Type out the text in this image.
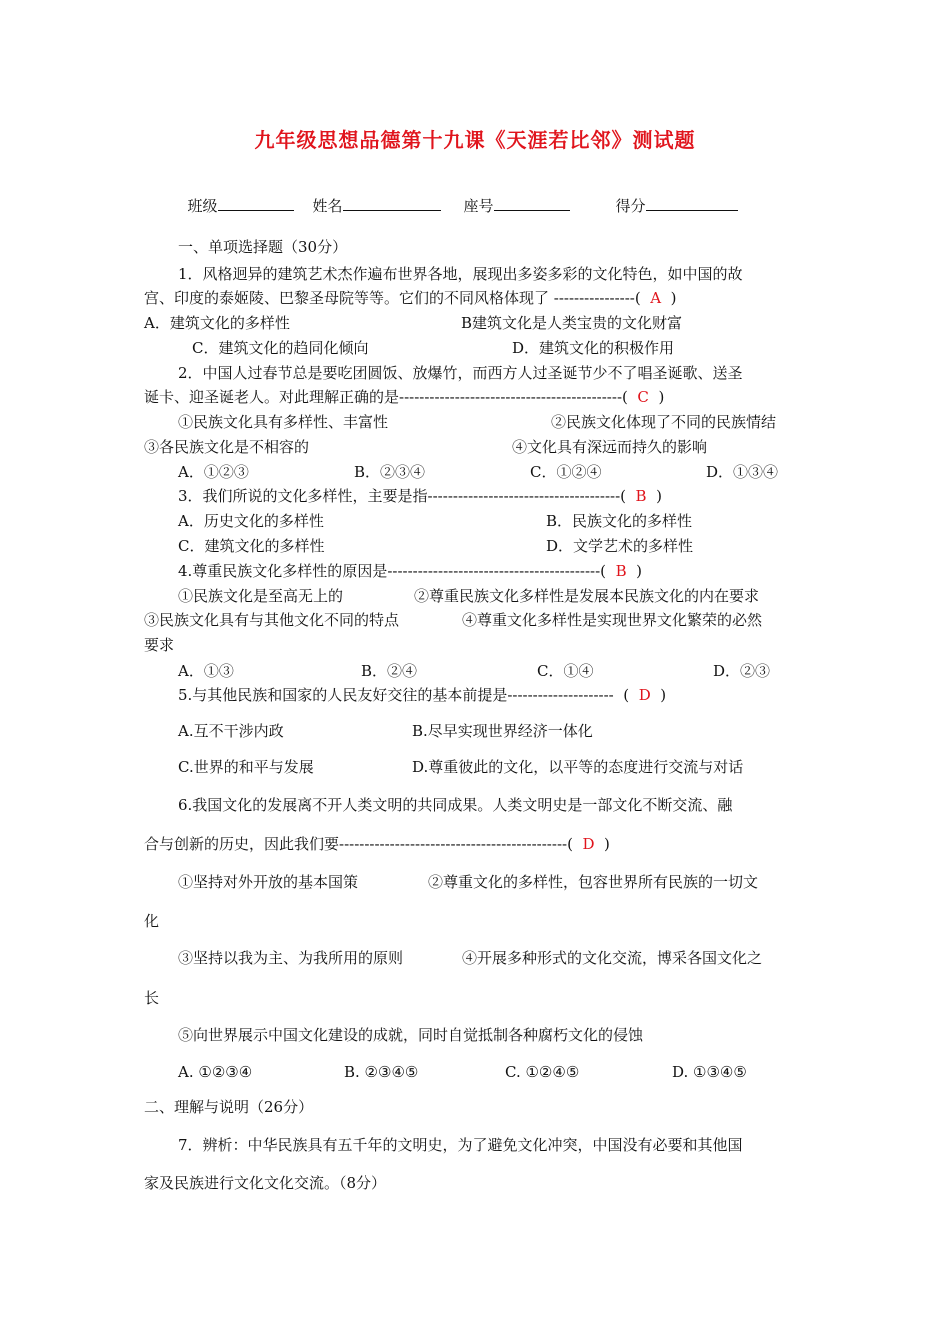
九年级思想品德第十九课《天涯若比邻》测试题

班级	姓名	座号	得分

一、单项选择题（30分）
1．风格迥异的建筑艺术杰作遍布世界各地，展现出多姿多彩的文化特色，如中国的故
宫、印度的泰姬陵、巴黎圣母院等等。它们的不同风格体现了 ----------------( A  )
A．建筑文化的多样性	B建筑文化是人类宝贵的文化财富
C．建筑文化的趋同化倾向	D．建筑文化的积极作用
2．中国人过春节总是要吃团圆饭、放爆竹，而西方人过圣诞节少不了唱圣诞歌、送圣
诞卡、迎圣诞老人。对此理解正确的是--------------------------------------------( C  )
①民族文化具有多样性、丰富性	②民族文化体现了不同的民族情结
③各民族文化是不相容的	④文化具有深远而持久的影响
A．①②③	B．②③④	C．①②④	D．①③④
3．我们所说的文化多样性，主要是指--------------------------------------( B  )
A．历史文化的多样性	B．民族文化的多样性
C．建筑文化的多样性	D．文学艺术的多样性
4.尊重民族文化多样性的原因是------------------------------------------( B  )
①民族文化是至高无上的	②尊重民族文化多样性是发展本民族文化的内在要求
③民族文化具有与其他文化不同的特点	④尊重文化多样性是实现世界文化繁荣的必然
要求
A．①③	B．②④	C．①④	D．②③
5.与其他民族和国家的人民友好交往的基本前提是---------------------  ( D  )
A.互不干涉内政	B.尽早实现世界经济一体化
C.世界的和平与发展	D.尊重彼此的文化，以平等的态度进行交流与对话
6.我国文化的发展离不开人类文明的共同成果。人类文明史是一部文化不断交流、融
合与创新的历史，因此我们要---------------------------------------------( D  )
①坚持对外开放的基本国策	②尊重文化的多样性，包容世界所有民族的一切文
化
③坚持以我为主、为我所用的原则	④开展多种形式的文化交流，博采各国文化之
长
⑤向世界展示中国文化建设的成就，同时自觉抵制各种腐朽文化的侵蚀
A. ①②③④	B. ②③④⑤	C. ①②④⑤	D. ①③④⑤
二、理解与说明（26分）
7．辨析：中华民族具有五千年的文明史，为了避免文化冲突，中国没有必要和其他国
家及民族进行文化文化交流。（8分）
